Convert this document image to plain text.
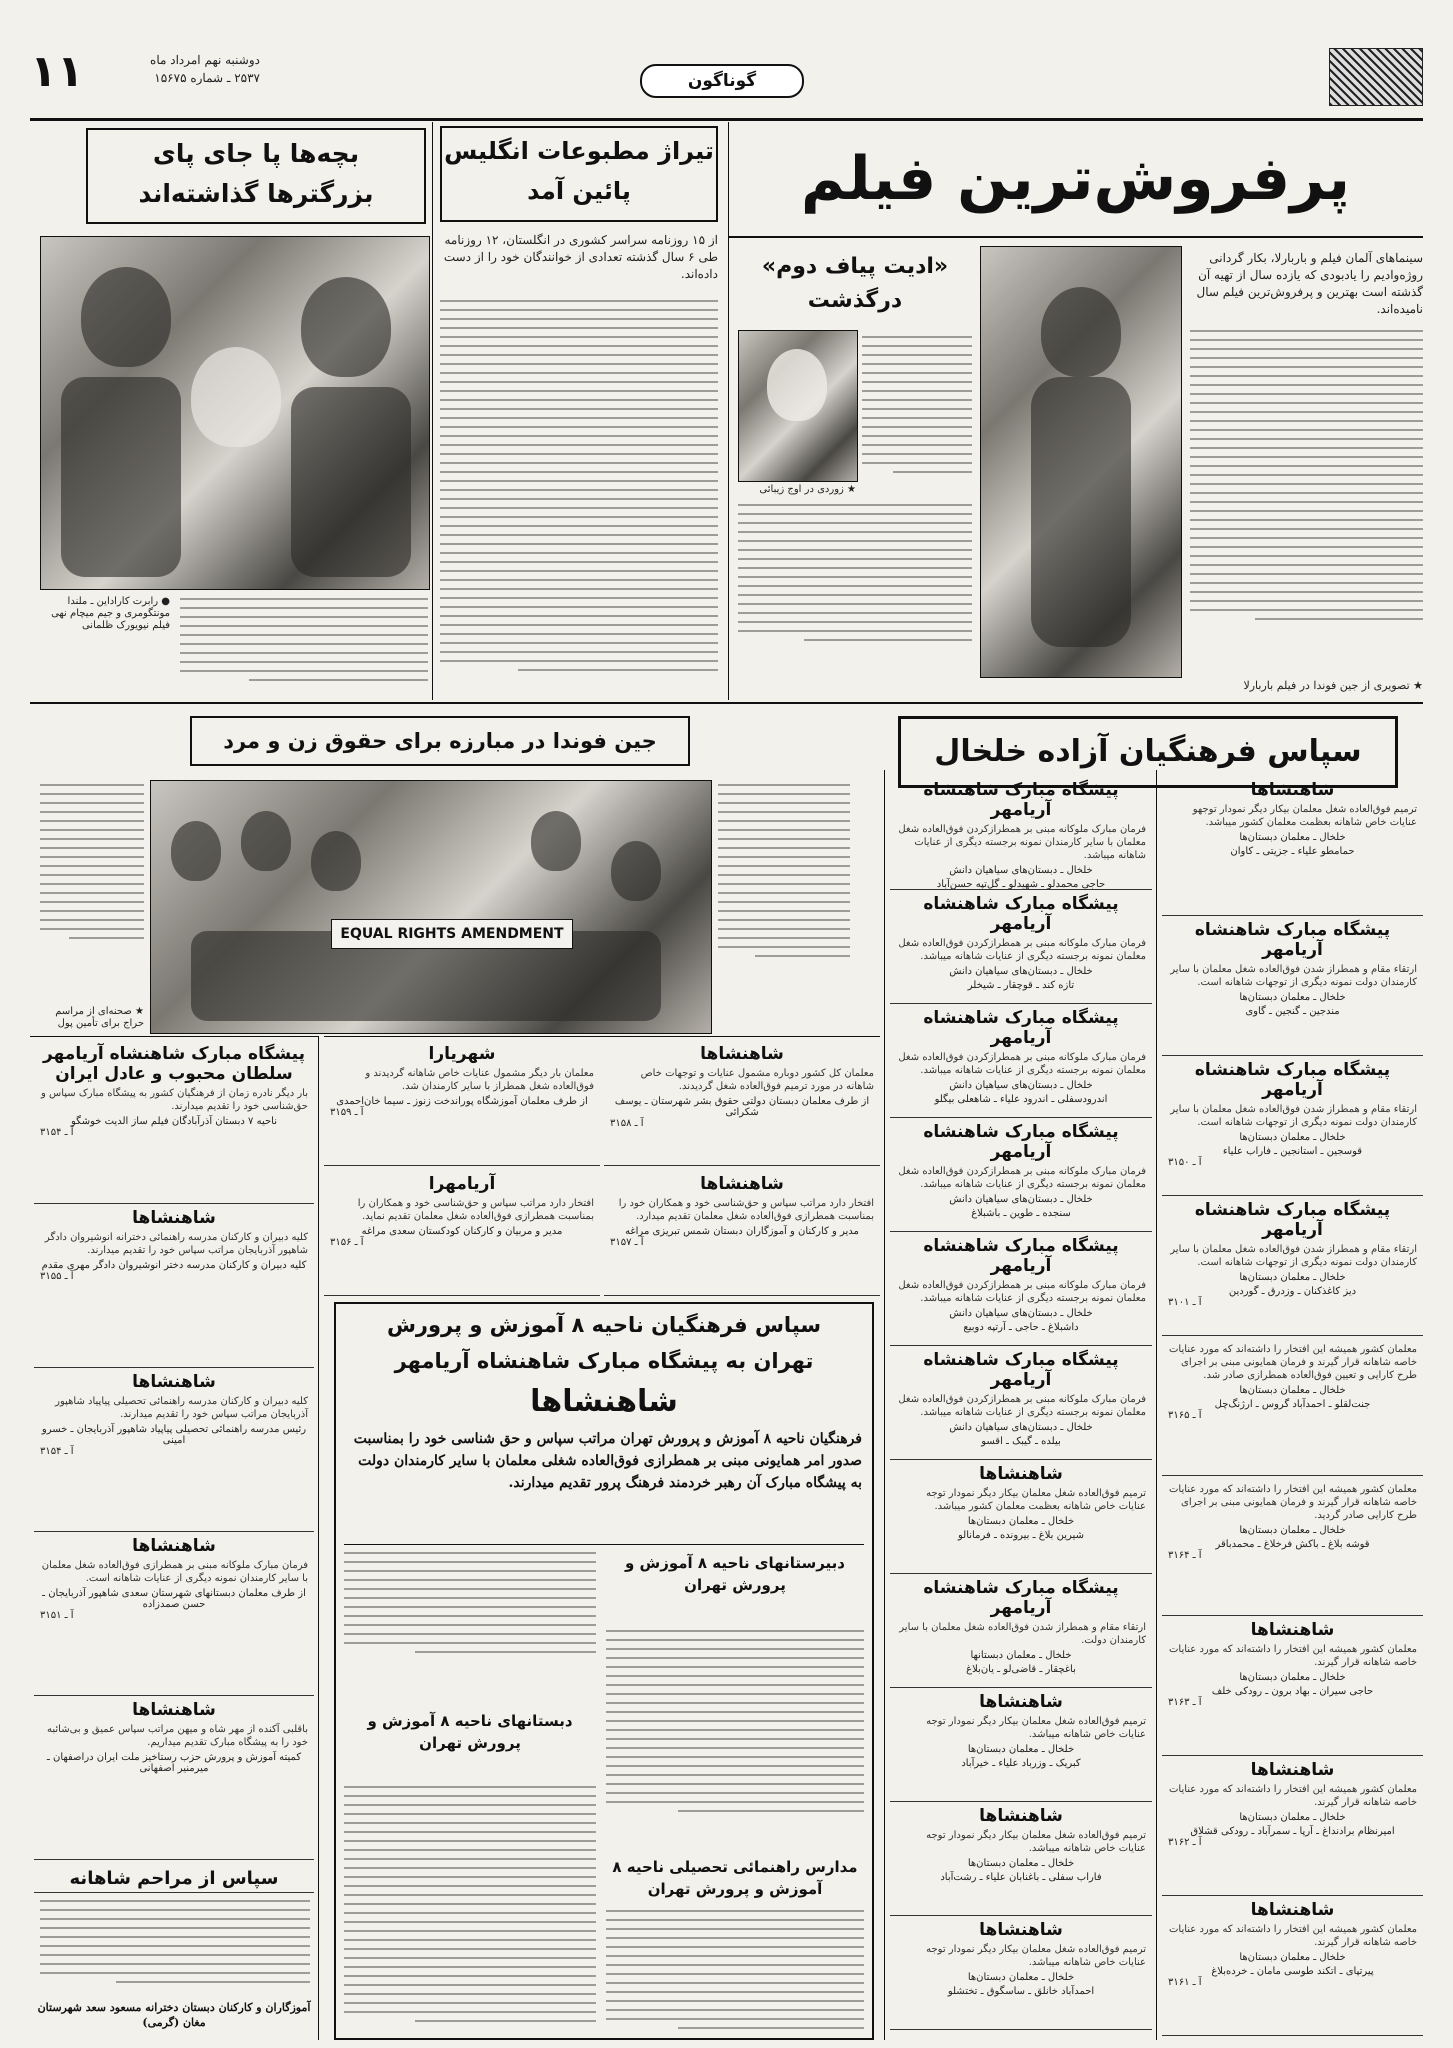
۱۱	دوشنبه نهم امرداد ماه
۲۵۳۷ ـ شماره ۱۵۶۷۵	گوناگون
پرفروش‌ترین فیلم
سینماهای آلمان فیلم و باربارلا، بکار گردانی روژه‌وادیم را یادبودی که یازده سال از تهیه آن گذشته است بهترین و پرفروش‌ترین فیلم سال نامیده‌اند.
★ تصویری از جین فوندا در فیلم باربارلا
«ادیت پیاف دوم»
درگذشت
★ زوردی در اوج زیبائی
تیراژ مطبوعات انگلیس
پائین آمد
از ۱۵ روزنامه سراسر کشوری در انگلستان، ۱۲ روزنامه طی ۶ سال گذشته تعدادی از خوانندگان خود را از دست داده‌اند.
بچه‌ها پا جای پای
بزرگترها گذاشته‌اند
● رابرت کاراداین ـ ملندا مونتگومری و جیم میچام نهی فیلم نیویورک ظلمانی
سپاس فرهنگیان آزاده خلخال
جین فوندا در مبارزه برای حقوق زن و مرد
EQUAL RIGHTS AMENDMENT
★ صحنه‌ای از مراسم حراج برای تأمین پول
شاهنشاها
ترمیم فوق‌العاده شغل معلمان بیکار دیگر نمودار توجهو عنایات خاص شاهانه بعظمت معلمان کشور میباشد.
خلخال ـ معلمان دبستان‌ها
حمامطو علیاء ـ جزیتی ـ کاوان
پیشگاه مبارک شاهنشاه آریامهر
ارتقاء مقام و همطراز شدن فوق‌العاده شغل معلمان با سایر کارمندان دولت نمونه دیگری از توجهات شاهانه است.
خلخال ـ معلمان دبستان‌ها
مندجین ـ گنجین ـ گاوی
پیشگاه مبارک شاهنشاه آریامهر
ارتقاء مقام و همطراز شدن فوق‌العاده شغل معلمان با سایر کارمندان دولت نمونه دیگری از توجهات شاهانه است.
خلخال ـ معلمان دبستان‌ها
قوسجین ـ استانجین ـ فاراب علیاء
آ ـ ۳۱۵۰
پیشگاه مبارک شاهنشاه آریامهر
ارتقاء مقام و همطراز شدن فوق‌العاده شغل معلمان با سایر کارمندان دولت نمونه دیگری از توجهات شاهانه است.
خلخال ـ معلمان دبستان‌ها
دیز کاغذکنان ـ وزدرق ـ گوردین
آ ـ ۳۱۰۱
معلمان کشور همیشه این افتخار را داشته‌اند که مورد عنایات خاصه شاهانه قرار گیرند و فرمان همایونی مبنی بر اجرای طرح کارایی و تعیین فوق‌العاده همطرازی صادر شد.
خلخال ـ معلمان دبستان‌ها
جنت‌لقلو ـ احمدآباد گروس ـ ارژنگ‌چل
آ ـ ۳۱۶۵
معلمان کشور همیشه این افتخار را داشته‌اند که مورد عنایات خاصه شاهانه قرار گیرند و فرمان همایونی مبنی بر اجرای طرح کارایی صادر گردید.
خلخال ـ معلمان دبستان‌ها
قوشه بلاغ ـ باکش فرخلاغ ـ محمدباقر
آ ـ ۳۱۶۴
شاهنشاها
معلمان کشور همیشه این افتخار را داشته‌اند که مورد عنایات خاصه شاهانه قرار گیرند.
خلخال ـ معلمان دبستان‌ها
حاجی سیران ـ بهاد برون ـ رودکی خلف
آ ـ ۳۱۶۳
شاهنشاها
معلمان کشور همیشه این افتخار را داشته‌اند که مورد عنایات خاصه شاهانه قرار گیرند.
خلخال ـ معلمان دبستان‌ها
امیرنظام برادنداغ ـ آرپا ـ سمرآباد ـ رودکی قشلاق
آ ـ ۳۱۶۲
شاهنشاها
معلمان کشور همیشه این افتخار را داشته‌اند که مورد عنایات خاصه شاهانه قرار گیرند.
خلخال ـ معلمان دبستان‌ها
پیرتپای ـ اتکند طوسی مامان ـ خرده‌بلاغ
آ ـ ۳۱۶۱
پیشگاه مبارک شاهنشاه آریامهر
فرمان مبارک ملوکانه مبنی بر همطرازکردن فوق‌العاده شغل معلمان با سایر کارمندان نمونه برجسته دیگری از عنایات شاهانه میباشد.
خلخال ـ دبستان‌های سیاهیان دانش
حاجی محمدلو ـ شهیدلو ـ گل‌تپه حسن‌آباد
پیشگاه مبارک شاهنشاه آریامهر
فرمان مبارک ملوکانه مبنی بر همطرازکردن فوق‌العاده شغل معلمان نمونه برجسته دیگری از عنایات شاهانه میباشد.
خلخال ـ دبستان‌های سیاهیان دانش
تازه کند ـ قوچقار ـ شیخلر
پیشگاه مبارک شاهنشاه آریامهر
فرمان مبارک ملوکانه مبنی بر همطرازکردن فوق‌العاده شغل معلمان نمونه برجسته دیگری از عنایات شاهانه میباشد.
خلخال ـ دبستان‌های سیاهیان دانش
اندرودسفلی ـ اندرود علیاء ـ شاهعلی بیگلو
پیشگاه مبارک شاهنشاه آریامهر
فرمان مبارک ملوکانه مبنی بر همطرازکردن فوق‌العاده شغل معلمان نمونه برجسته دیگری از عنایات شاهانه میباشد.
خلخال ـ دبستان‌های سیاهیان دانش
سنجده ـ طوین ـ باشبلاغ
پیشگاه مبارک شاهنشاه آریامهر
فرمان مبارک ملوکانه مبنی بر همطرازکردن فوق‌العاده شغل معلمان نمونه برجسته دیگری از عنایات شاهانه میباشد.
خلخال ـ دبستان‌های سیاهیان دانش
داشبلاغ ـ حاجی ـ آرتپه دوبیع
پیشگاه مبارک شاهنشاه آریامهر
فرمان مبارک ملوکانه مبنی بر همطرازکردن فوق‌العاده شغل معلمان نمونه برجسته دیگری از عنایات شاهانه میباشد.
خلخال ـ دبستان‌های سیاهیان دانش
بیلده ـ گیبک ـ اقسو
شاهنشاها
ترمیم فوق‌العاده شغل معلمان بیکار دیگر نمودار توجه عنایات خاص شاهانه بعظمت معلمان کشور میباشد.
خلخال ـ معلمان دبستان‌ها
شیرین بلاغ ـ بیرونده ـ فرمانالو
پیشگاه مبارک شاهنشاه آریامهر
ارتقاء مقام و همطراز شدن فوق‌العاده شغل معلمان با سایر کارمندان دولت.
خلخال ـ معلمان دبستانها
باغچقار ـ قاضی‌لو ـ یان‌بلاغ
شاهنشاها
ترمیم فوق‌العاده شغل معلمان بیکار دیگر نمودار توجه عنایات خاص شاهانه میباشد.
خلخال ـ معلمان دبستان‌ها
کبریک ـ وزرباد علیاء ـ خیرآباد
شاهنشاها
ترمیم فوق‌العاده شغل معلمان بیکار دیگر نمودار توجه عنایات خاص شاهانه میباشد.
خلخال ـ معلمان دبستان‌ها
فاراب سفلی ـ باغنابان علیاء ـ رشت‌آباد
شاهنشاها
ترمیم فوق‌العاده شغل معلمان بیکار دیگر نمودار توجه عنایات خاص شاهانه میباشد.
خلخال ـ معلمان دبستان‌ها
احمدآباد خانلق ـ ساسگوق ـ تختشلو
شاهنشاها
معلمان کل کشور دوباره مشمول عنایات و توجهات خاص شاهانه در مورد ترمیم فوق‌العاده شغل گردیدند.
از طرف معلمان دبستان دولتی حقوق بشر شهرستان ـ یوسف شکرائی
آ ـ ۳۱۵۸
شهریارا
معلمان بار دیگر مشمول عنایات خاص شاهانه گردیدند و فوق‌العاده شغل همطراز با سایر کارمندان شد.
از طرف معلمان آموزشگاه پوراندخت زنوز ـ سیما خان‌احمدی
آ ـ ۳۱۵۹
شاهنشاها
افتخار دارد مراتب سپاس و حق‌شناسی خود و همکاران خود را بمناسبت همطرازی فوق‌العاده شغل معلمان تقدیم میدارد.
مدیر و کارکنان و آموزگاران دبستان شمس تبریزی مراغه
آ ـ ۳۱۵۷
آریامهرا
افتخار دارد مراتب سپاس و حق‌شناسی خود و همکاران را بمناسبت همطرازی فوق‌العاده شغل معلمان تقدیم نماید.
مدیر و مربیان و کارکنان کودکستان سعدی مراغه
آ ـ ۳۱۵۶
سپاس فرهنگیان ناحیه ۸ آموزش و پرورش
تهران به پیشگاه مبارک شاهنشاه آریامهر
شاهنشاها
فرهنگیان ناحیه ۸ آموزش و پرورش تهران مراتب سپاس و حق شناسی خود را بمناسبت صدور امر همایونی مبنی بر همطرازی فوق‌العاده شغلی معلمان با سایر کارمندان دولت به پیشگاه مبارک آن رهبر خردمند فرهنگ پرور تقدیم میدارند.
دبیرستانهای ناحیه ۸ آموزش و پرورش تهران
دبستانهای ناحیه ۸ آموزش و پرورش تهران
مدارس راهنمائی تحصیلی ناحیه ۸ آموزش و پرورش تهران
پیشگاه مبارک شاهنشاه آریامهر سلطان محبوب و عادل ایران
بار دیگر نادره زمان از فرهنگیان کشور به پیشگاه مبارک سپاس و حق‌شناسی خود را تقدیم میدارند.
ناحیه ۷ دبستان آذرآبادگان فیلم ساز الدیت خوشگو
آ ـ ۳۱۵۴
شاهنشاها
کلیه دبیران و کارکنان مدرسه راهنمائی دخترانه انوشیروان دادگر شاهپور آذربایجان مراتب سپاس خود را تقدیم میدارند.
کلیه دبیران و کارکنان مدرسه دختر انوشیروان دادگر مهری مقدم
آ ـ ۳۱۵۵
شاهنشاها
کلیه دبیران و کارکنان مدرسه راهنمائی تحصیلی پیاپیاد شاهپور آذربایجان مراتب سپاس خود را تقدیم میدارند.
رئیس مدرسه راهنمائی تحصیلی پیاپیاد شاهپور آذربایجان ـ خسرو امینی
آ ـ ۳۱۵۴
شاهنشاها
فرمان مبارک ملوکانه مبنی بر همطرازی فوق‌العاده شغل معلمان با سایر کارمندان نمونه دیگری از عنایات شاهانه است.
از طرف معلمان دبستانهای شهرستان سعدی شاهپور آذربایجان ـ حسن صمدزاده
آ ـ ۳۱۵۱
شاهنشاها
باقلبی آکنده از مهر شاه و میهن مراتب سپاس عمیق و بی‌شائبه خود را به پیشگاه مبارک تقدیم میداریم.
کمیته آموزش و پرورش حزب رستاخیز ملت ایران دراصفهان ـ میرمنیر اصفهانی
سپاس از مراحم شاهانه
آموزگاران و کارکنان دبستان دخترانه مسعود سعد شهرستان مغان (گرمی)
